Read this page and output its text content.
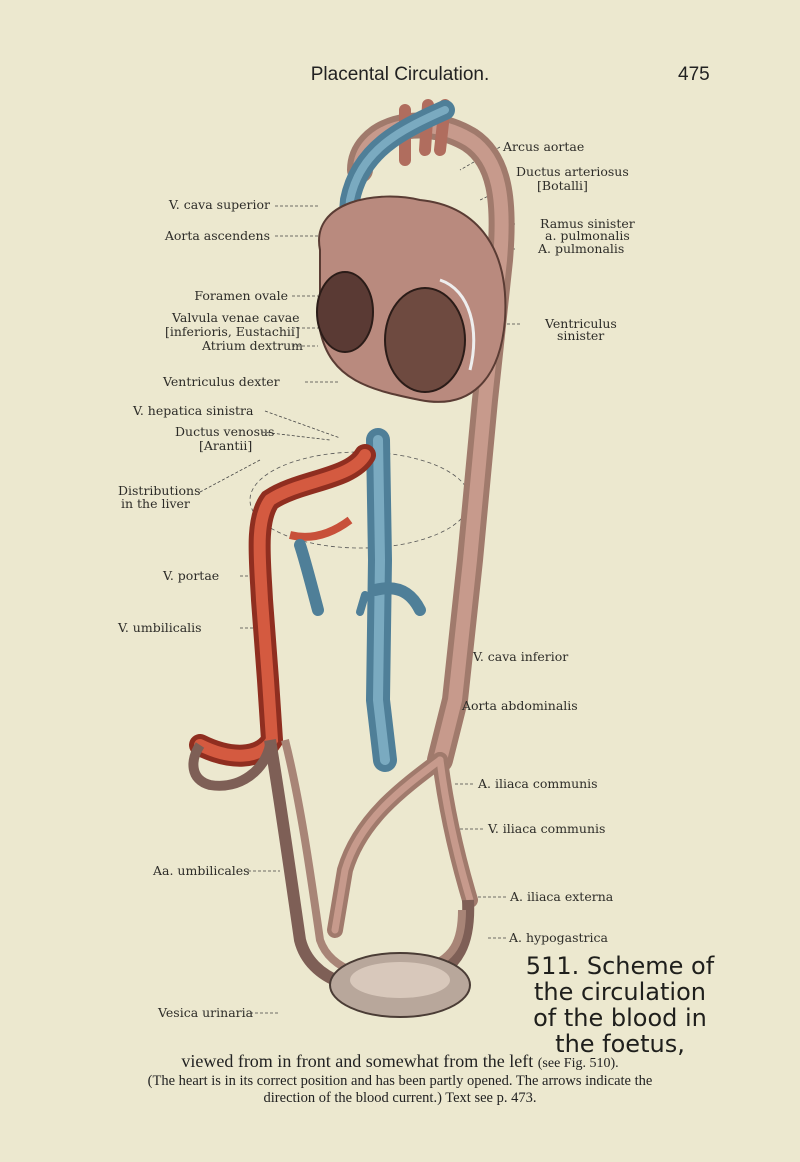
Placental Circulation.	475
V. cava superior
Aorta ascendens
Foramen ovale
Valvula venae cavae
[inferioris, Eustachii]
Atrium dextrum
Ventriculus dexter
V. hepatica sinistra
Ductus venosus
[Arantii]
Distributions
in the liver
V. portae
V. umbilicalis
Aa. umbilicales
Vesica urinaria
Arcus aortae
Ductus arteriosus
[Botalli]
Ramus sinister
a. pulmonalis
A. pulmonalis
Ventriculus
sinister
V. cava inferior
Aorta abdominalis
A. iliaca communis
V. iliaca communis
A. iliaca externa
A. hypogastrica
511. Scheme of
the circulation
of the blood in
the foetus,
viewed from in front and somewhat from the left (see Fig. 510).
(The heart is in its correct position and has been partly opened. The arrows indicate the
direction of the blood current.) Text see p. 473.
